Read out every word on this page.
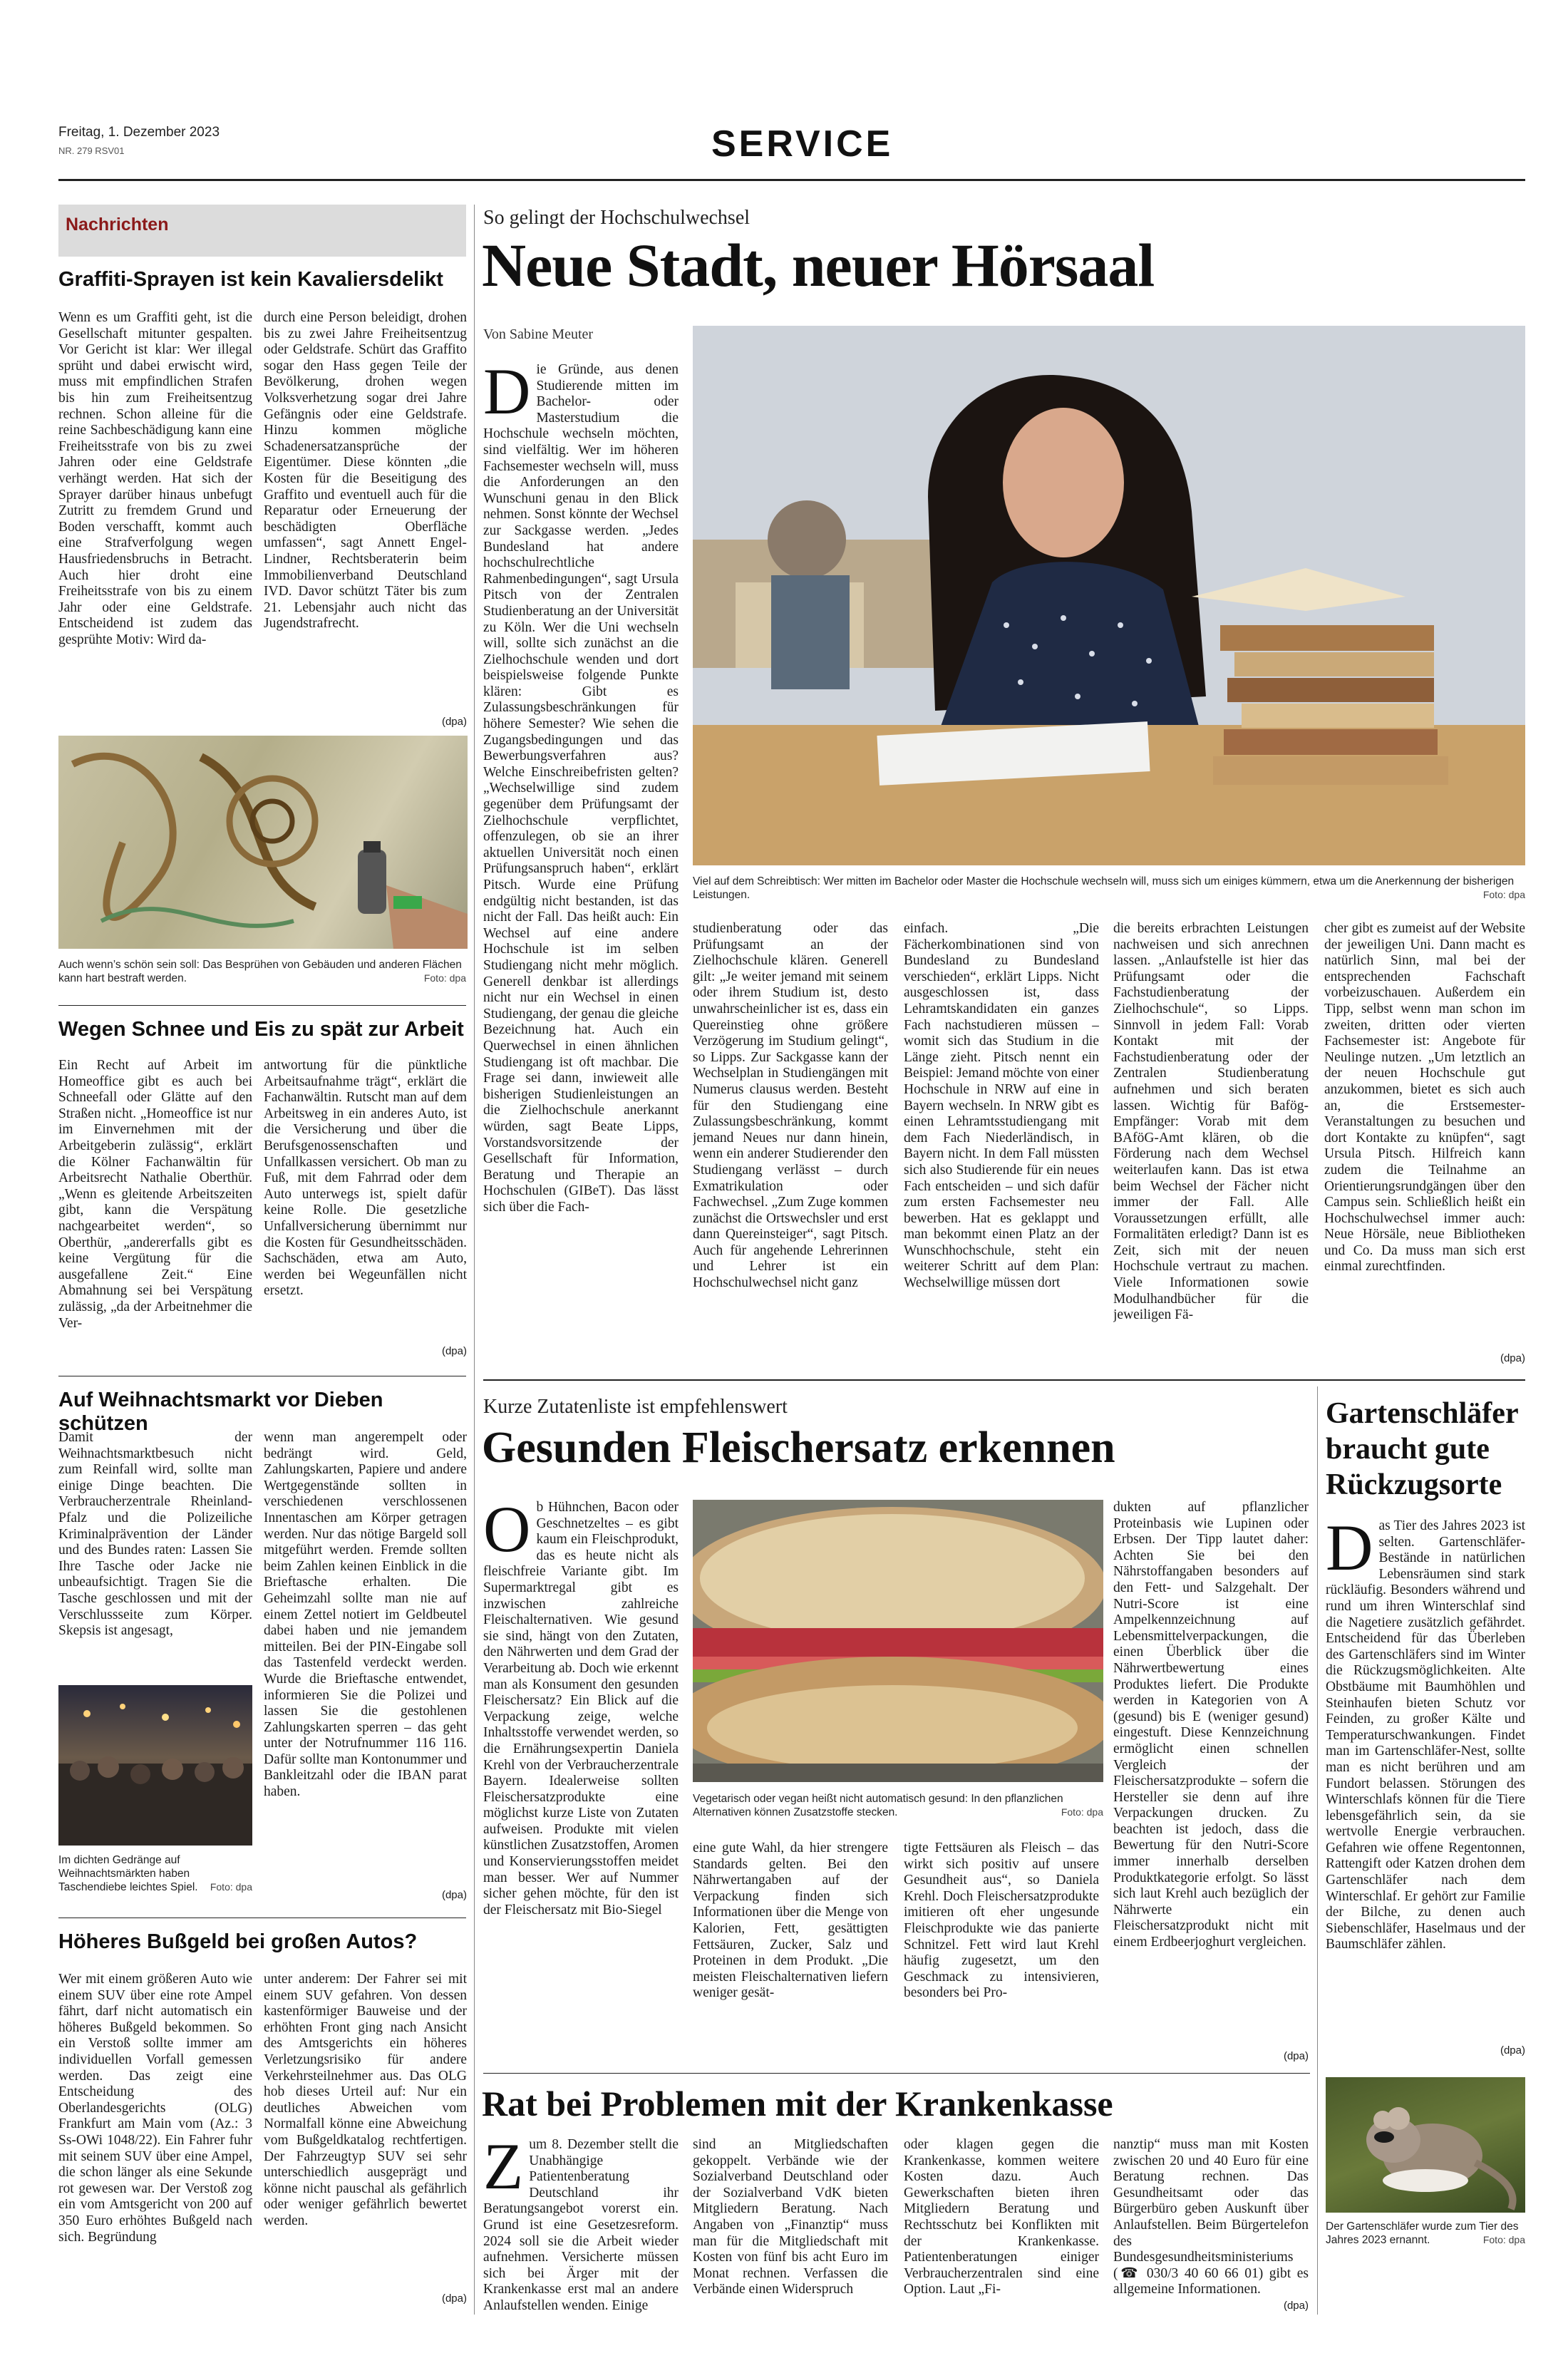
Freitag, 1. Dezember 2023
NR. 279 RSV01	SERVICE
Nachrichten
Graffiti-Sprayen ist kein Kavaliersdelikt
Wenn es um Graffiti geht, ist die Gesellschaft mitunter gespalten. Vor Gericht ist klar: Wer illegal sprüht und dabei erwischt wird, muss mit empfindlichen Strafen bis hin zum Freiheitsentzug rechnen. Schon alleine für die reine Sachbeschädigung kann eine Freiheitsstrafe von bis zu zwei Jahren oder eine Geldstrafe verhängt werden. Hat sich der Sprayer darüber hinaus unbefugt Zutritt zu fremdem Grund und Boden verschafft, kommt auch eine Strafverfolgung wegen Hausfriedensbruchs in Betracht. Auch hier droht eine Freiheitsstrafe von bis zu einem Jahr oder eine Geldstrafe. Entscheidend ist zudem das gesprühte Motiv: Wird da-
durch eine Person beleidigt, drohen bis zu zwei Jahre Freiheitsentzug oder Geldstrafe. Schürt das Graffito sogar den Hass gegen Teile der Bevölkerung, drohen wegen Volksverhetzung sogar drei Jahre Gefängnis oder eine Geldstrafe. Hinzu kommen mögliche Schadenersatzansprüche der Eigentümer. Diese könnten „die Kosten für die Beseitigung des Graffito und eventuell auch für die Reparatur oder Erneuerung der beschädigten Oberfläche umfassen“, sagt Annett Engel-Lindner, Rechtsberaterin beim Immobilienverband Deutschland IVD. Davor schützt Täter bis zum 21. Lebensjahr auch nicht das Jugendstrafrecht.
(dpa)
Auch wenn’s schön sein soll: Das Besprühen von Gebäuden und anderen Flächen kann hart bestraft werden.	Foto: dpa
Wegen Schnee und Eis zu spät zur Arbeit
Ein Recht auf Arbeit im Homeoffice gibt es auch bei Schneefall oder Glätte auf den Straßen nicht. „Homeoffice ist nur im Einvernehmen mit der Arbeitgeberin zulässig“, erklärt die Kölner Fachanwältin für Arbeitsrecht Nathalie Oberthür. „Wenn es gleitende Arbeitszeiten gibt, kann die Verspätung nachgearbeitet werden“, so Oberthür, „andererfalls gibt es keine Vergütung für die ausgefallene Zeit.“ Eine Abmahnung sei bei Verspätung zulässig, „da der Arbeitnehmer die Ver-
antwortung für die pünktliche Arbeitsaufnahme trägt“, erklärt die Fachanwältin. Rutscht man auf dem Arbeitsweg in ein anderes Auto, ist die Versicherung und über die Berufsgenossenschaften und Unfallkassen versichert. Ob man zu Fuß, mit dem Fahrrad oder dem Auto unterwegs ist, spielt dafür keine Rolle. Die gesetzliche Unfallversicherung übernimmt nur die Kosten für Gesundheitsschäden. Sachschäden, etwa am Auto, werden bei Wegeunfällen nicht ersetzt.
(dpa)
Auf Weihnachtsmarkt vor Dieben schützen
Damit der Weihnachtsmarktbesuch nicht zum Reinfall wird, sollte man einige Dinge beachten. Die Verbraucherzentrale Rheinland-Pfalz und die Polizeiliche Kriminalprävention der Länder und des Bundes raten: Lassen Sie Ihre Tasche oder Jacke nie unbeaufsichtigt. Tragen Sie die Tasche geschlossen und mit der Verschlussseite zum Körper. Skepsis ist angesagt,
Im dichten Gedränge auf Weihnachtsmärkten haben Taschendiebe leichtes Spiel. Foto: dpa
wenn man angerempelt oder bedrängt wird. Geld, Zahlungskarten, Papiere und andere Wertgegenstände sollten in verschiedenen verschlossenen Innentaschen am Körper getragen werden. Nur das nötige Bargeld soll mitgeführt werden. Fremde sollten beim Zahlen keinen Einblick in die Brieftasche erhalten. Die Geheimzahl sollte man nie auf einem Zettel notiert im Geldbeutel dabei haben und nie jemandem mitteilen. Bei der PIN-Eingabe soll das Tastenfeld verdeckt werden. Wurde die Brieftasche entwendet, informieren Sie die Polizei und lassen Sie die gestohlenen Zahlungskarten sperren – das geht unter der Notrufnummer 116 116. Dafür sollte man Kontonummer und Bankleitzahl oder die IBAN parat haben.
(dpa)
Höheres Bußgeld bei großen Autos?
Wer mit einem größeren Auto wie einem SUV über eine rote Ampel fährt, darf nicht automatisch ein höheres Bußgeld bekommen. So ein Verstoß sollte immer am individuellen Vorfall gemessen werden. Das zeigt eine Entscheidung des Oberlandesgerichts (OLG) Frankfurt am Main vom (Az.: 3 Ss-OWi 1048/22). Ein Fahrer fuhr mit seinem SUV über eine Ampel, die schon länger als eine Sekunde rot gewesen war. Der Verstoß zog ein vom Amtsgericht von 200 auf 350 Euro erhöhtes Bußgeld nach sich. Begründung
unter anderem: Der Fahrer sei mit einem SUV gefahren. Von dessen kastenförmiger Bauweise und der erhöhten Front ging nach Ansicht des Amtsgerichts ein höheres Verletzungsrisiko für andere Verkehrsteilnehmer aus. Das OLG hob dieses Urteil auf: Nur ein deutliches Abweichen vom Normalfall könne eine Abweichung vom Bußgeldkatalog rechtfertigen. Der Fahrzeugtyp SUV sei sehr unterschiedlich ausgeprägt und könne nicht pauschal als gefährlich oder weniger gefährlich bewertet werden.
(dpa)
So gelingt der Hochschulwechsel
Neue Stadt, neuer Hörsaal
Von Sabine Meuter
Die Gründe, aus denen Studierende mitten im Bachelor- oder Masterstudium die Hochschule wechseln möchten, sind vielfältig. Wer im höheren Fachsemester wechseln will, muss die Anforderungen an den Wunschuni genau in den Blick nehmen. Sonst könnte der Wechsel zur Sackgasse werden. „Jedes Bundesland hat andere hochschulrechtliche Rahmenbedingungen“, sagt Ursula Pitsch von der Zentralen Studienberatung an der Universität zu Köln. Wer die Uni wechseln will, sollte sich zunächst an die Zielhochschule wenden und dort beispielsweise folgende Punkte klären: Gibt es Zulassungsbeschränkungen für höhere Semester? Wie sehen die Zugangsbedingungen und das Bewerbungsverfahren aus? Welche Einschreibefristen gelten? „Wechselwillige sind zudem gegenüber dem Prüfungsamt der Zielhochschule verpflichtet, offenzulegen, ob sie an ihrer aktuellen Universität noch einen Prüfungsanspruch haben“, erklärt Pitsch. Wurde eine Prüfung endgültig nicht bestanden, ist das nicht der Fall. Das heißt auch: Ein Wechsel auf eine andere Hochschule ist im selben Studiengang nicht mehr möglich. Generell denkbar ist allerdings nicht nur ein Wechsel in einen Studiengang, der genau die gleiche Bezeichnung hat. Auch ein Querwechsel in einen ähnlichen Studiengang ist oft machbar. Die Frage sei dann, inwieweit alle bisherigen Studienleistungen an die Zielhochschule anerkannt würden, sagt Beate Lipps, Vorstandsvorsitzende der Gesellschaft für Information, Beratung und Therapie an Hochschulen (GIBeT). Das lässt sich über die Fach-
Viel auf dem Schreibtisch: Wer mitten im Bachelor oder Master die Hochschule wechseln will, muss sich um einiges kümmern, etwa um die Anerkennung der bisherigen Leistungen.	Foto: dpa
studienberatung oder das Prüfungsamt an der Zielhochschule klären. Generell gilt: „Je weiter jemand mit seinem oder ihrem Studium ist, desto unwahrscheinlicher ist es, dass ein Quereinstieg ohne größere Verzögerung im Studium gelingt“, so Lipps. Zur Sackgasse kann der Wechselplan in Studiengängen mit Numerus clausus werden. Besteht für den Studiengang eine Zulassungsbeschränkung, kommt jemand Neues nur dann hinein, wenn ein anderer Studierender den Studiengang verlässt – durch Exmatrikulation oder Fachwechsel. „Zum Zuge kommen zunächst die Ortswechsler und erst dann Quereinsteiger“, sagt Pitsch. Auch für angehende Lehrerinnen und Lehrer ist ein Hochschulwechsel nicht ganz
einfach. „Die Fächerkombinationen sind von Bundesland zu Bundesland verschieden“, erklärt Lipps. Nicht ausgeschlossen ist, dass Lehramtskandidaten ein ganzes Fach nachstudieren müssen – womit sich das Studium in die Länge zieht. Pitsch nennt ein Beispiel: Jemand möchte von einer Hochschule in NRW auf eine in Bayern wechseln. In NRW gibt es einen Lehramtsstudiengang mit dem Fach Niederländisch, in Bayern nicht. In dem Fall müssten sich also Studierende für ein neues Fach entscheiden – und sich dafür zum ersten Fachsemester neu bewerben. Hat es geklappt und man bekommt einen Platz an der Wunschhochschule, steht ein weiterer Schritt auf dem Plan: Wechselwillige müssen dort
die bereits erbrachten Leistungen nachweisen und sich anrechnen lassen. „Anlaufstelle ist hier das Prüfungsamt oder die Fachstudienberatung der Zielhochschule“, so Lipps. Sinnvoll in jedem Fall: Vorab Kontakt mit der Fachstudienberatung oder der Zentralen Studienberatung aufnehmen und sich beraten lassen. Wichtig für Bafög-Empfänger: Vorab mit dem BAföG-Amt klären, ob die Förderung nach dem Wechsel weiterlaufen kann. Das ist etwa beim Wechsel der Fächer nicht immer der Fall. Alle Voraussetzungen erfüllt, alle Formalitäten erledigt? Dann ist es Zeit, sich mit der neuen Hochschule vertraut zu machen. Viele Informationen sowie Modulhandbücher für die jeweiligen Fä-
cher gibt es zumeist auf der Website der jeweiligen Uni. Dann macht es natürlich Sinn, mal bei der entsprechenden Fachschaft vorbeizuschauen. Außerdem ein Tipp, selbst wenn man schon im zweiten, dritten oder vierten Fachsemester ist: Angebote für Neulinge nutzen. „Um letztlich an der neuen Hochschule gut anzukommen, bietet es sich auch an, die Erstsemester-Veranstaltungen zu besuchen und dort Kontakte zu knüpfen“, sagt Ursula Pitsch. Hilfreich kann zudem die Teilnahme an Orientierungsrundgängen über den Campus sein. Schließlich heißt ein Hochschulwechsel immer auch: Neue Hörsäle, neue Bibliotheken und Co. Da muss man sich erst einmal zurechtfinden.
(dpa)
Kurze Zutatenliste ist empfehlenswert
Gesunden Fleischersatz erkennen
Ob Hühnchen, Bacon oder Geschnetzeltes – es gibt kaum ein Fleischprodukt, das es heute nicht als fleischfreie Variante gibt. Im Supermarktregal gibt es inzwischen zahlreiche Fleischalternativen. Wie gesund sie sind, hängt von den Zutaten, den Nährwerten und dem Grad der Verarbeitung ab. Doch wie erkennt man als Konsument den gesunden Fleischersatz? Ein Blick auf die Verpackung zeige, welche Inhaltsstoffe verwendet werden, so die Ernährungsexpertin Daniela Krehl von der Verbraucherzentrale Bayern. Idealerweise sollten Fleischersatzprodukte eine möglichst kurze Liste von Zutaten aufweisen. Produkte mit vielen künstlichen Zusatzstoffen, Aromen und Konservierungsstoffen meidet man besser. Wer auf Nummer sicher gehen möchte, für den ist der Fleischersatz mit Bio-Siegel
Vegetarisch oder vegan heißt nicht automatisch gesund: In den pflanzlichen Alternativen können Zusatzstoffe stecken.	Foto: dpa
eine gute Wahl, da hier strengere Standards gelten. Bei den Nährwertangaben auf der Verpackung finden sich Informationen über die Menge von Kalorien, Fett, gesättigten Fettsäuren, Zucker, Salz und Proteinen in dem Produkt. „Die meisten Fleischalternativen liefern weniger gesät-
tigte Fettsäuren als Fleisch – das wirkt sich positiv auf unsere Gesundheit aus“, so Daniela Krehl. Doch Fleischersatzprodukte imitieren oft eher ungesunde Fleischprodukte wie das panierte Schnitzel. Fett wird laut Krehl häufig zugesetzt, um den Geschmack zu intensivieren, besonders bei Pro-
dukten auf pflanzlicher Proteinbasis wie Lupinen oder Erbsen. Der Tipp lautet daher: Achten Sie bei den Nährstoffangaben besonders auf den Fett- und Salzgehalt. Der Nutri-Score ist eine Ampelkennzeichnung auf Lebensmittelverpackungen, die einen Überblick über die Nährwertbewertung eines Produktes liefert. Die Produkte werden in Kategorien von A (gesund) bis E (weniger gesund) eingestuft. Diese Kennzeichnung ermöglicht einen schnellen Vergleich der Fleischersatzprodukte – sofern die Hersteller sie denn auf ihre Verpackungen drucken. Zu beachten ist jedoch, dass die Bewertung für den Nutri-Score immer innerhalb derselben Produktkategorie erfolgt. So lässt sich laut Krehl auch bezüglich der Nährwerte ein Fleischersatzprodukt nicht mit einem Erdbeerjoghurt vergleichen.
(dpa)
Rat bei Problemen mit der Krankenkasse
Zum 8. Dezember stellt die Unabhängige Patientenberatung Deutschland ihr Beratungsangebot vorerst ein. Grund ist eine Gesetzesreform. 2024 soll sie die Arbeit wieder aufnehmen. Versicherte müssen sich bei Ärger mit der Krankenkasse erst mal an andere Anlaufstellen wenden. Einige
sind an Mitgliedschaften gekoppelt. Verbände wie der Sozialverband Deutschland oder der Sozialverband VdK bieten Mitgliedern Beratung. Nach Angaben von „Finanztip“ muss man für die Mitgliedschaft mit Kosten von fünf bis acht Euro im Monat rechnen. Verfassen die Verbände einen Widerspruch
oder klagen gegen die Krankenkasse, kommen weitere Kosten dazu. Auch Gewerkschaften bieten ihren Mitgliedern Beratung und Rechtsschutz bei Konflikten mit der Krankenkasse. Patientenberatungen einiger Verbraucherzentralen sind eine Option. Laut „Fi-
nanztip“ muss man mit Kosten zwischen 20 und 40 Euro für eine Beratung rechnen. Das Gesundheitsamt oder das Bürgerbüro geben Auskunft über Anlaufstellen. Beim Bürgertelefon des Bundesgesundheitsministeriums (☎ 030/3 40 60 66 01) gibt es allgemeine Informationen.
(dpa)
Gartenschläfer braucht gute Rückzugsorte
Das Tier des Jahres 2023 ist selten. Gartenschläfer-Bestände in natürlichen Lebensräumen sind stark rückläufig. Besonders während und rund um ihren Winterschlaf sind die Nagetiere zusätzlich gefährdet. Entscheidend für das Überleben des Gartenschläfers sind im Winter die Rückzugsmöglichkeiten. Alte Obstbäume mit Baumhöhlen und Steinhaufen bieten Schutz vor Feinden, zu großer Kälte und Temperaturschwankungen. Findet man im Gartenschläfer-Nest, sollte man es nicht berühren und am Fundort belassen. Störungen des Winterschlafs können für die Tiere lebensgefährlich sein, da sie wertvolle Energie verbrauchen. Gefahren wie offene Regentonnen, Rattengift oder Katzen drohen dem Gartenschläfer nach dem Winterschlaf. Er gehört zur Familie der Bilche, zu denen auch Siebenschläfer, Haselmaus und der Baumschläfer zählen.
(dpa)
Der Gartenschläfer wurde zum Tier des Jahres 2023 ernannt.	Foto: dpa
